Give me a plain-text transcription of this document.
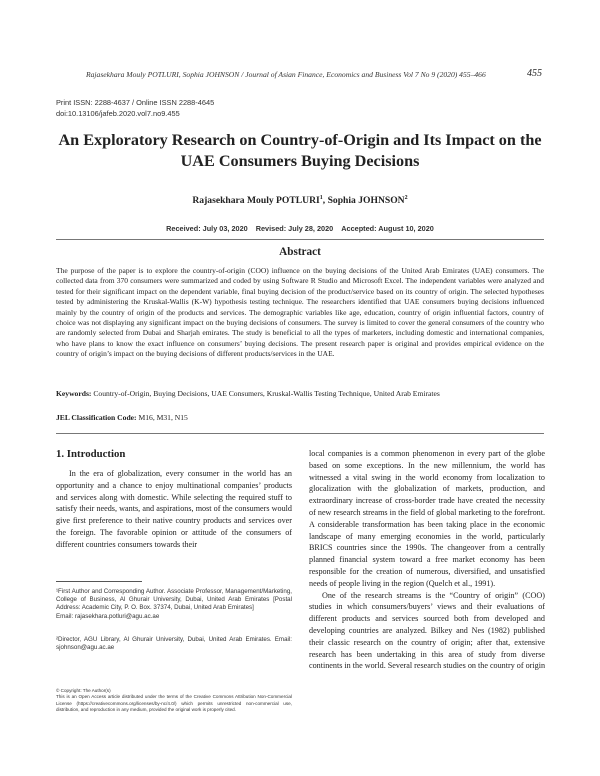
Rajasekhara Mouly POTLURI, Sophia JOHNSON / Journal of Asian Finance, Economics and Business Vol 7 No 9 (2020) 455–466	455
Print ISSN: 2288-4637 / Online ISSN 2288-4645
doi:10.13106/jafeb.2020.vol7.no9.455
An Exploratory Research on Country-of-Origin and Its Impact on the
UAE Consumers Buying Decisions
Rajasekhara Mouly POTLURI$^1$, Sophia JOHNSON$^2$
Received: July 03, 2020 Revised: July 28, 2020 Accepted: August 10, 2020
Abstract
The purpose of the paper is to explore the country-of-origin (COO) influence on the buying decisions of the United Arab Emirates (UAE) consumers. The collected data from 370 consumers were summarized and coded by using Software R Studio and Microsoft Excel. The independent variables were analyzed and tested for their significant impact on the dependent variable, final buying decision of the product/service based on its country of origin. The selected hypotheses tested by administering the Kruskal-Wallis (K-W) hypothesis testing technique. The researchers identified that UAE consumers buying decisions influenced mainly by the country of origin of the products and services. The demographic variables like age, education, country of origin influential factors, country of choice was not displaying any significant impact on the buying decisions of consumers. The survey is limited to cover the general consumers of the country who are randomly selected from Dubai and Sharjah emirates. The study is beneficial to all the types of marketers, including domestic and international companies, who have plans to know the exact influence on consumers’ buying decisions. The present research paper is original and provides empirical evidence on the country of origin’s impact on the buying decisions of different products/services in the UAE.
Keywords: Country-of-Origin, Buying Decisions, UAE Consumers, Kruskal-Wallis Testing Technique, United Arab Emirates
JEL Classification Code: M16, M31, N15
1. Introduction
In the era of globalization, every consumer in the world has an opportunity and a chance to enjoy multinational companies’ products and services along with domestic. While selecting the required stuff to satisfy their needs, wants, and aspirations, most of the consumers would give first preference to their native country products and services over the foreign. The favorable opinion or attitude of the consumers of different countries consumers towards their

local companies is a common phenomenon in every part of the globe based on some exceptions. In the new millennium, the world has witnessed a vital swing in the world economy from localization to glocalization with the globalization of markets, production, and extraordinary increase of cross-border trade have created the necessity of new research streams in the field of global marketing to the forefront. A considerable transformation has been taking place in the economic landscape of many emerging economies in the world, particularly BRICS countries since the 1990s. The changeover from a centrally planned financial system toward a free market economy has been responsible for the creation of numerous, diversified, and unsatisfied needs of people living in the region (Quelch et al., 1991).

One of the research streams is the “Country of origin” (COO) studies in which consumers/buyers’ views and their evaluations of different products and services sourced both from developed and developing countries are analyzed. Bilkey and Nes (1982) published their classic research on the country of origin; after that, extensive research has been undertaking in this area of study from diverse continents in the world. Several research studies on the country of origin

¹First Author and Corresponding Author. Associate Professor, Management/Marketing, College of Business, Al Ghurair University, Dubai, United Arab Emirates [Postal Address: Academic City, P. O. Box. 37374, Dubai, United Arab Emirates]
Email: rajasekhara.potluri@agu.ac.ae
²Director, AGU Library, Al Ghurair University, Dubai, United Arab Emirates. Email: sjohnson@agu.ac.ae
© Copyright: The Author(s)
This is an Open Access article distributed under the terms of the Creative Commons Attribution Non-Commercial License (https://creativecommons.org/licenses/by-nc/4.0/) which permits unrestricted non-commercial use, distribution, and reproduction in any medium, provided the original work is properly cited.
